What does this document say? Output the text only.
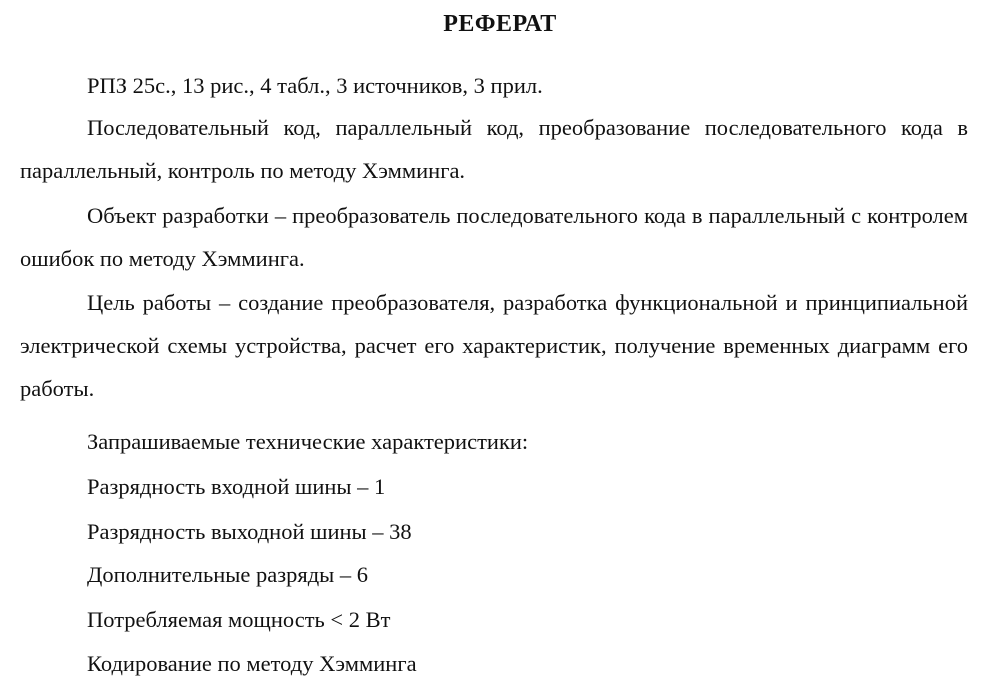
РЕФЕРАТ

РПЗ 25с., 13 рис., 4 табл., 3 источников, 3 прил.

Последовательный код, параллельный код, преобразование последовательного кода в параллельный, контроль по методу Хэмминга.

Объект разработки – преобразователь последовательного кода в параллельный с контролем ошибок по методу Хэмминга.

Цель работы – создание преобразователя, разработка функциональной и принципиальной электрической схемы устройства, расчет его характеристик, получение временных диаграмм его работы.

Запрашиваемые технические характеристики:

Разрядность входной шины – 1

Разрядность выходной шины – 38

Дополнительные разряды – 6

Потребляемая мощность < 2 Вт

Кодирование по методу Хэмминга
